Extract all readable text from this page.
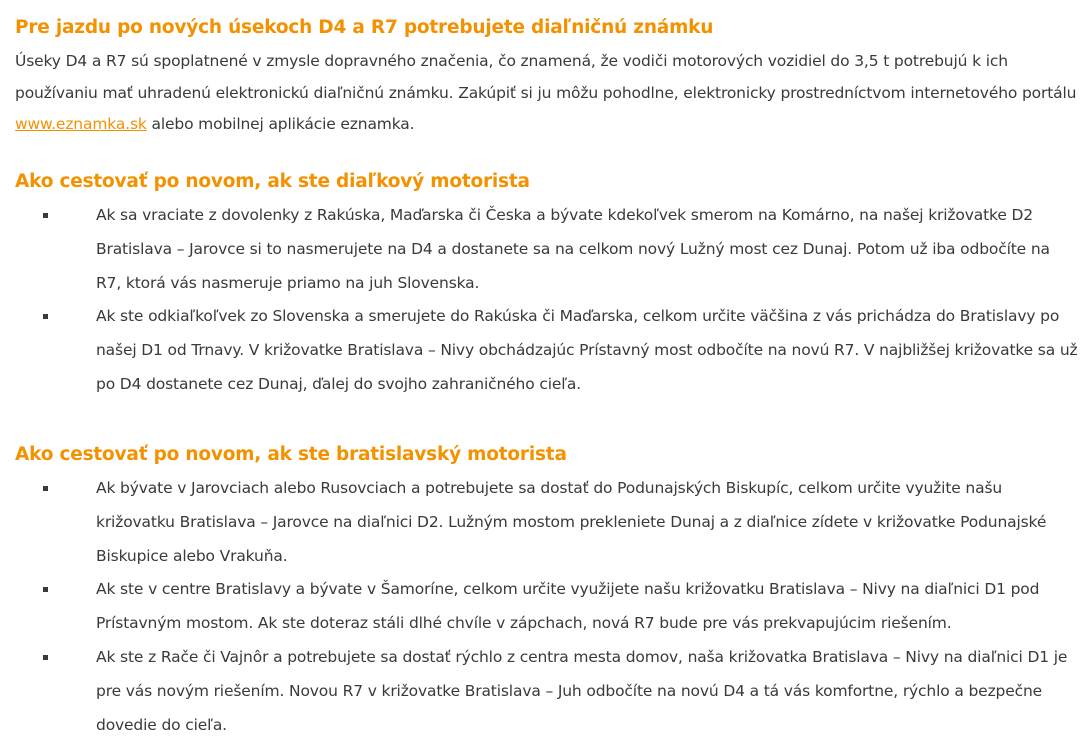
Pre jazdu po nových úsekoch D4 a R7 potrebujete diaľničnú známku

Úseky D4 a R7 sú spoplatnené v zmysle dopravného značenia, čo znamená, že vodiči motorových vozidiel do 3,5 t potrebujú k ich používaniu mať uhradenú elektronickú diaľničnú známku. Zakúpiť si ju môžu pohodlne, elektronicky prostredníctvom internetového portálu www.eznamka.sk alebo mobilnej aplikácie eznamka.

Ako cestovať po novom, ak ste diaľkový motorista
Ak sa vraciate z dovolenky z Rakúska, Maďarska či Česka a bývate kdekoľvek smerom na Komárno, na našej križovatke D2 Bratislava – Jarovce si to nasmerujete na D4 a dostanete sa na celkom nový Lužný most cez Dunaj. Potom už iba odbočíte na R7, ktorá vás nasmeruje priamo na juh Slovenska.
Ak ste odkiaľkoľvek zo Slovenska a smerujete do Rakúska či Maďarska, celkom určite väčšina z vás prichádza do Bratislavy po našej D1 od Trnavy. V križovatke Bratislava – Nivy obchádzajúc Prístavný most odbočíte na novú R7. V najbližšej križovatke sa už po D4 dostanete cez Dunaj, ďalej do svojho zahraničného cieľa.
Ako cestovať po novom, ak ste bratislavský motorista
Ak bývate v Jarovciach alebo Rusovciach a potrebujete sa dostať do Podunajských Biskupíc, celkom určite využite našu križovatku Bratislava – Jarovce na diaľnici D2. Lužným mostom prekleniete Dunaj a z diaľnice zídete v križovatke Podunajské Biskupice alebo Vrakuňa.
Ak ste v centre Bratislavy a bývate v Šamoríne, celkom určite využijete našu križovatku Bratislava – Nivy na diaľnici D1 pod Prístavným mostom. Ak ste doteraz stáli dlhé chvíle v zápchach, nová R7 bude pre vás prekvapujúcim riešením.
Ak ste z Rače či Vajnôr a potrebujete sa dostať rýchlo z centra mesta domov, naša križovatka Bratislava – Nivy na diaľnici D1 je pre vás novým riešením. Novou R7 v križovatke Bratislava – Juh odbočíte na novú D4 a tá vás komfortne, rýchlo a bezpečne dovedie do cieľa.
